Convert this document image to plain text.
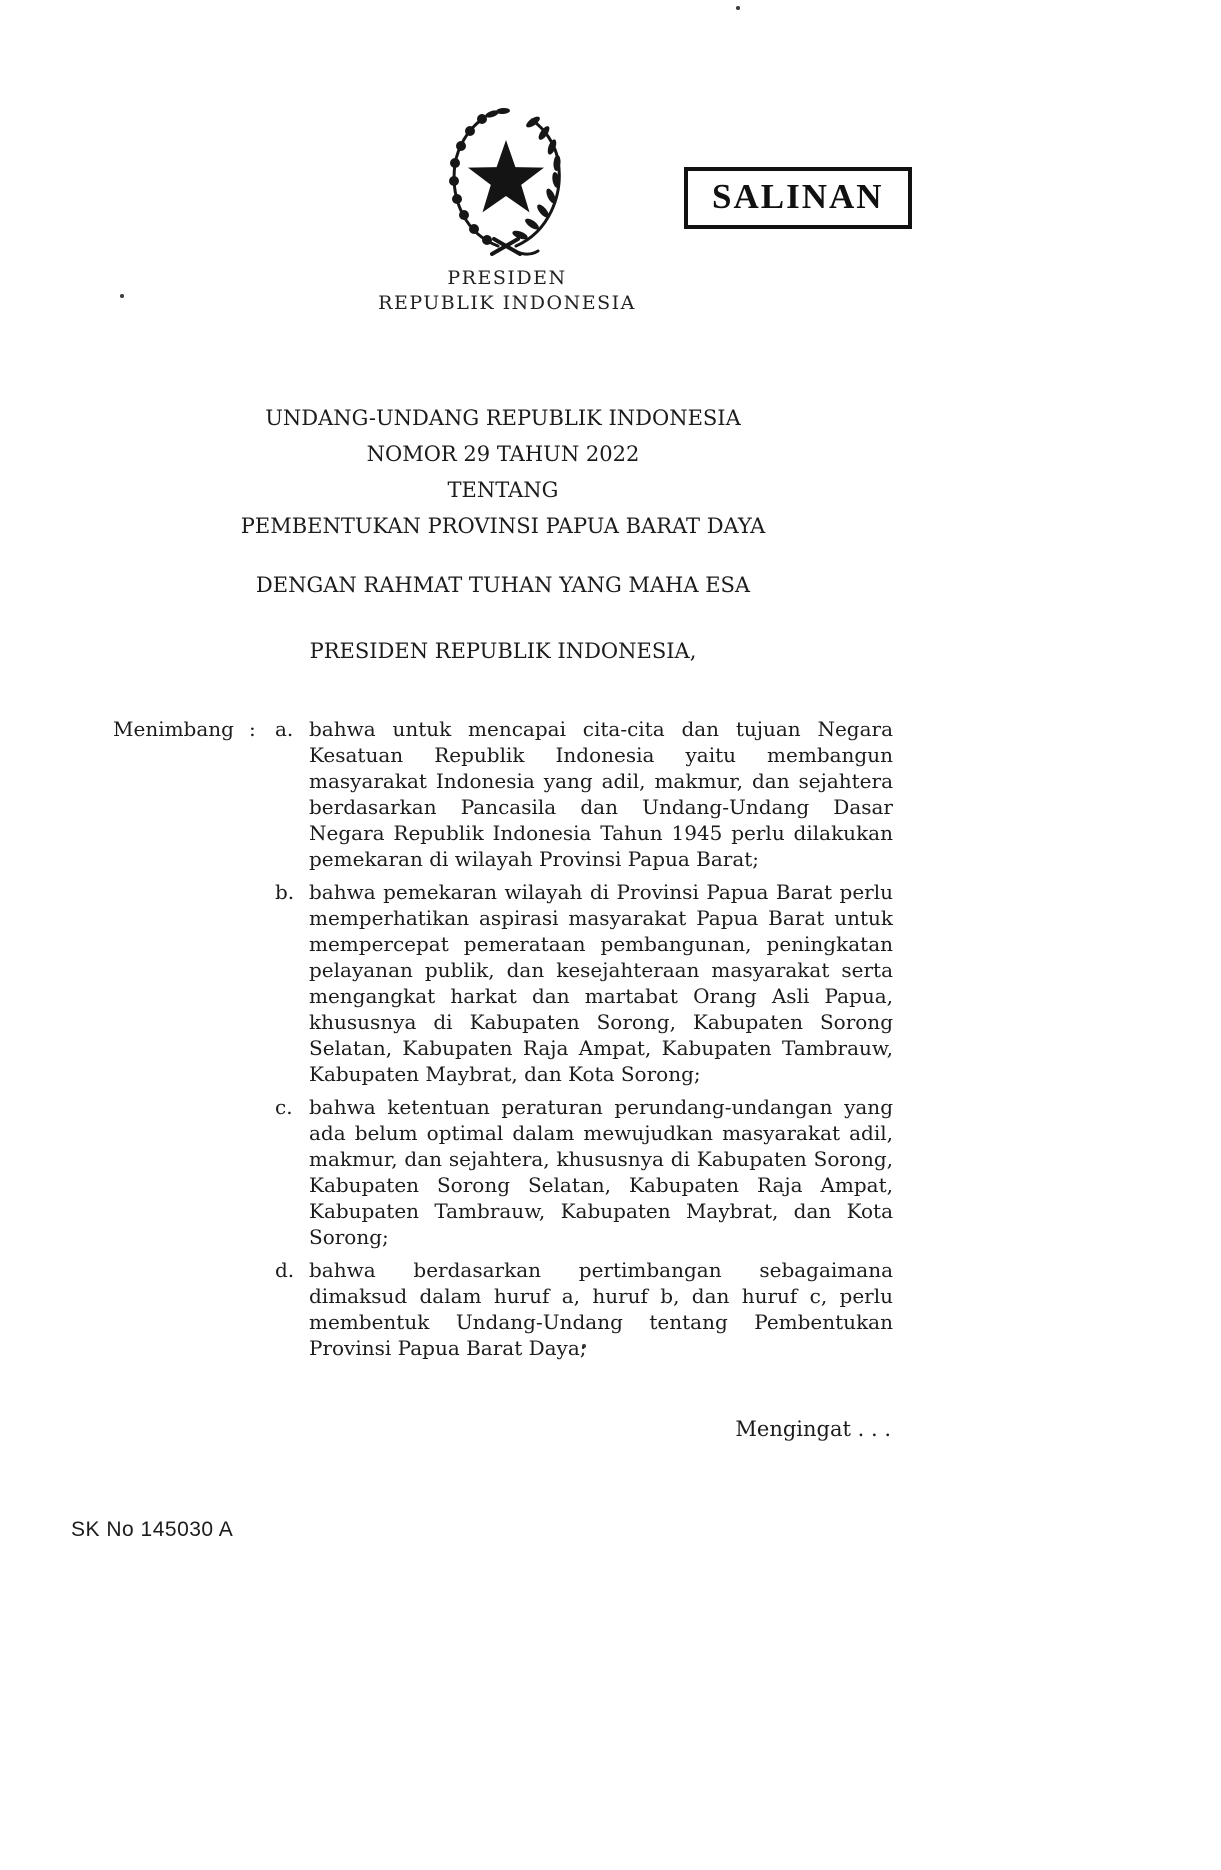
SALINAN
PRESIDEN
REPUBLIK INDONESIA
UNDANG-UNDANG REPUBLIK INDONESIA
NOMOR 29 TAHUN 2022
TENTANG
PEMBENTUKAN PROVINSI PAPUA BARAT DAYA
DENGAN RAHMAT TUHAN YANG MAHA ESA
PRESIDEN REPUBLIK INDONESIA,
Menimbang : a. bahwa untuk mencapai cita-cita dan tujuan Negara Kesatuan Republik Indonesia yaitu membangun masyarakat Indonesia yang adil, makmur, dan sejahtera berdasarkan Pancasila dan Undang-Undang Dasar Negara Republik Indonesia Tahun 1945 perlu dilakukan pemekaran di wilayah Provinsi Papua Barat;

b. bahwa pemekaran wilayah di Provinsi Papua Barat perlu memperhatikan aspirasi masyarakat Papua Barat untuk mempercepat pemerataan pembangunan, peningkatan pelayanan publik, dan kesejahteraan masyarakat serta mengangkat harkat dan martabat Orang Asli Papua, khususnya di Kabupaten Sorong, Kabupaten Sorong Selatan, Kabupaten Raja Ampat, Kabupaten Tambrauw, Kabupaten Maybrat, dan Kota Sorong;

c. bahwa ketentuan peraturan perundang-undangan yang ada belum optimal dalam mewujudkan masyarakat adil, makmur, dan sejahtera, khususnya di Kabupaten Sorong, Kabupaten Sorong Selatan, Kabupaten Raja Ampat, Kabupaten Tambrauw, Kabupaten Maybrat, dan Kota Sorong;

d. bahwa berdasarkan pertimbangan sebagaimana dimaksud dalam huruf a, huruf b, dan huruf c, perlu membentuk Undang-Undang tentang Pembentukan Provinsi Papua Barat Daya;

Mengingat . . .
SK No 145030 A
